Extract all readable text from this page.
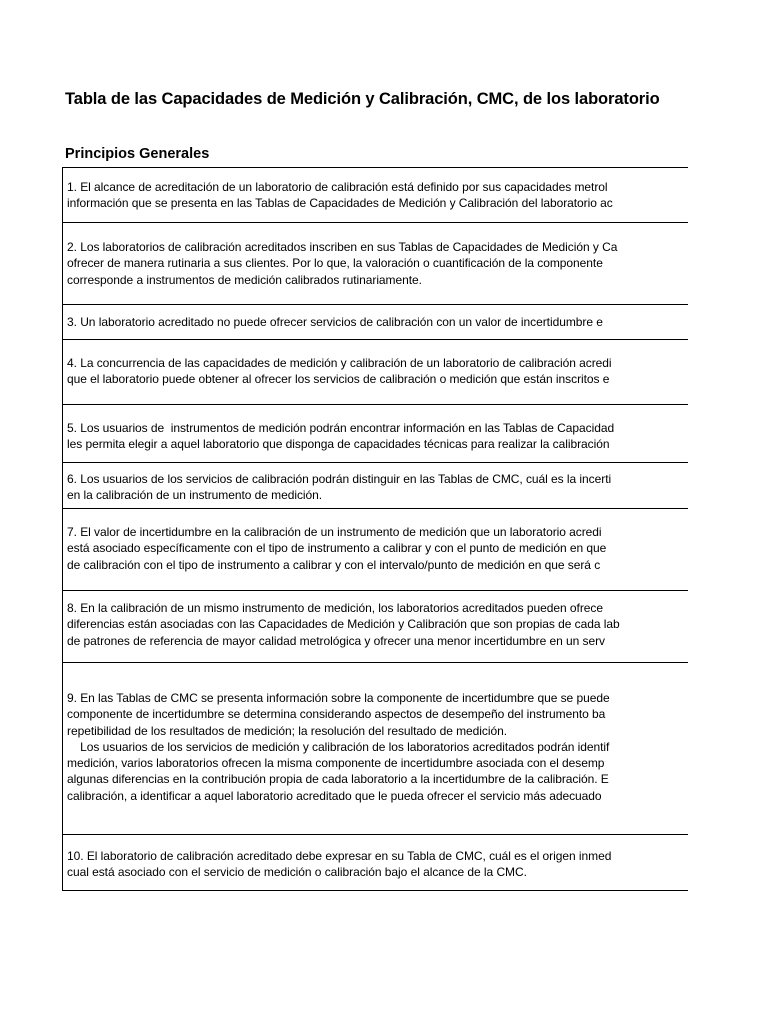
Tabla de las Capacidades de Medición y Calibración, CMC, de los laboratorio
Principios Generales
1. El alcance de acreditación de un laboratorio de calibración está definido por sus capacidades metrol
información que se presenta en las Tablas de Capacidades de Medición y Calibración del laboratorio ac
2. Los laboratorios de calibración acreditados inscriben en sus Tablas de Capacidades de Medición y Ca
ofrecer de manera rutinaria a sus clientes. Por lo que, la valoración o cuantificación de la componente
corresponde a instrumentos de medición calibrados rutinariamente.
3. Un laboratorio acreditado no puede ofrecer servicios de calibración con un valor de incertidumbre e
4. La concurrencia de las capacidades de medición y calibración de un laboratorio de calibración acredi
que el laboratorio puede obtener al ofrecer los servicios de calibración o medición que están inscritos e
5. Los usuarios de  instrumentos de medición podrán encontrar información en las Tablas de Capacidad
les permita elegir a aquel laboratorio que disponga de capacidades técnicas para realizar la calibración
6. Los usuarios de los servicios de calibración podrán distinguir en las Tablas de CMC, cuál es la incerti
en la calibración de un instrumento de medición.
7. El valor de incertidumbre en la calibración de un instrumento de medición que un laboratorio acredi
está asociado específicamente con el tipo de instrumento a calibrar y con el punto de medición en que
de calibración con el tipo de instrumento a calibrar y con el intervalo/punto de medición en que será c
8. En la calibración de un mismo instrumento de medición, los laboratorios acreditados pueden ofrece
diferencias están asociadas con las Capacidades de Medición y Calibración que son propias de cada lab
de patrones de referencia de mayor calidad metrológica y ofrecer una menor incertidumbre en un serv
9. En las Tablas de CMC se presenta información sobre la componente de incertidumbre que se puede
componente de incertidumbre se determina considerando aspectos de desempeño del instrumento ba
repetibilidad de los resultados de medición; la resolución del resultado de medición.
Los usuarios de los servicios de medición y calibración de los laboratorios acreditados podrán identif
medición, varios laboratorios ofrecen la misma componente de incertidumbre asociada con el desemp
algunas diferencias en la contribución propia de cada laboratorio a la incertidumbre de la calibración. E
calibración, a identificar a aquel laboratorio acreditado que le pueda ofrecer el servicio más adecuado
10. El laboratorio de calibración acreditado debe expresar en su Tabla de CMC, cuál es el origen inmed
cual está asociado con el servicio de medición o calibración bajo el alcance de la CMC.
